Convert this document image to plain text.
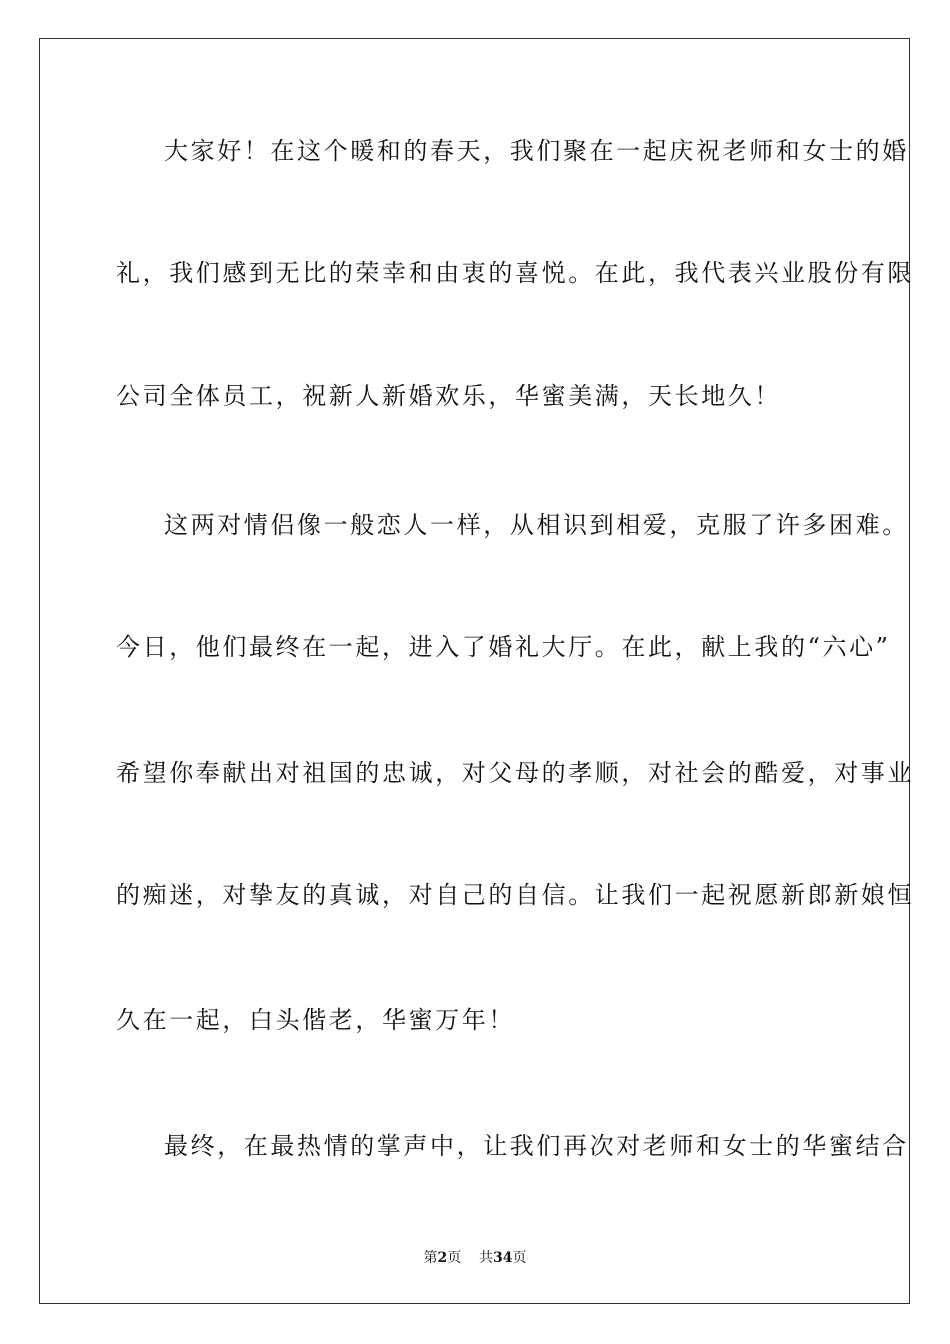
大家好！在这个暖和的春天，我们聚在一起庆祝老师和女士的婚
礼，我们感到无比的荣幸和由衷的喜悦。在此，我代表兴业股份有限
公司全体员工，祝新人新婚欢乐，华蜜美满，天长地久！
这两对情侣像一般恋人一样，从相识到相爱，克服了许多困难。
今日，他们最终在一起，进入了婚礼大厅。在此，献上我的“六心”
希望你奉献出对祖国的忠诚，对父母的孝顺，对社会的酷爱，对事业
的痴迷，对挚友的真诚，对自己的自信。让我们一起祝愿新郎新娘恒
久在一起，白头偕老，华蜜万年！
最终，在最热情的掌声中，让我们再次对老师和女士的华蜜结合
第2页 共34页
